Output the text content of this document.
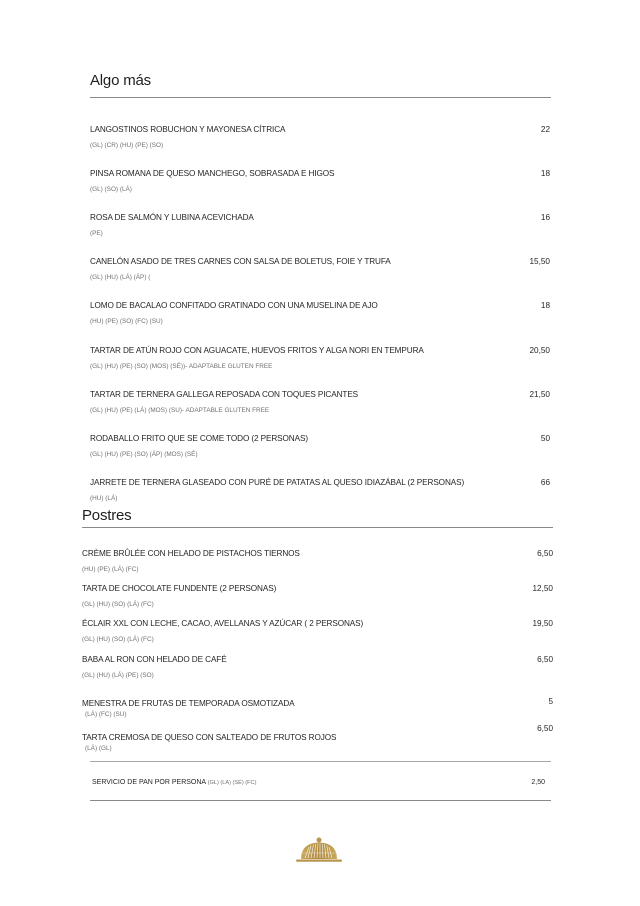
Algo más
LANGOSTINOS ROBUCHON Y MAYONESA CÍTRICA
(GL) (CR) (HU) (PE) (SO)
22
PINSA ROMANA DE QUESO MANCHEGO, SOBRASADA E HIGOS
(GL) (SO) (LÁ)
18
ROSA DE SALMÓN Y LUBINA ACEVICHADA
(PE)
16
CANELÓN ASADO DE TRES CARNES CON SALSA DE BOLETUS, FOIE Y TRUFA
(GL) (HU) (LÁ) (ÁP) (
15,50
LOMO DE BACALAO CONFITADO GRATINADO CON UNA MUSELINA DE AJO
(HU) (PE) (SO) (FC) (SU)
18
TARTAR DE ATÚN ROJO CON AGUACATE, HUEVOS FRITOS Y ALGA NORI EN TEMPURA
(GL) (HU) (PE) (SO) (MOS) (SÉ))- ADAPTABLE GLUTEN FREE
20,50
TARTAR DE TERNERA GALLEGA REPOSADA CON TOQUES PICANTES
(GL) (HU) (PE) (LÁ) (MOS) (SU)- ADAPTABLE GLUTEN FREE
21,50
RODABALLO FRITO QUE SE COME TODO (2 PERSONAS)
(GL) (HU) (PE) (SO) (ÁP) (MOS) (SÉ)
50
JARRETE DE TERNERA GLASEADO CON PURÉ DE PATATAS AL QUESO IDIAZÁBAL (2 PERSONAS)
(HU) (LÁ)
66
Postres
CRÈME BRÛLÉE CON HELADO DE PISTACHOS TIERNOS
(HU) (PE) (LÁ) (FC)
6,50
TARTA DE CHOCOLATE FUNDENTE (2 PERSONAS)
(GL) (HU) (SO) (LÁ) (FC)
12,50
ÉCLAIR XXL CON LECHE, CACAO, AVELLANAS Y AZÚCAR ( 2 PERSONAS)
(GL) (HU) (SO) (LÁ) (FC)
19,50
BABA AL RON CON HELADO DE CAFÉ
(GL) (HU) (LÁ) (PE) (SO)
6,50
MENESTRA DE FRUTAS DE TEMPORADA OSMOTIZADA
(LÁ) (FC) (SU)
5
TARTA CREMOSA DE QUESO CON SALTEADO DE FRUTOS ROJOS
(LÁ) (GL)
6,50
SERVICIO DE PAN POR PERSONA (GL) (LA) (SÉ) (FC)	2,50
